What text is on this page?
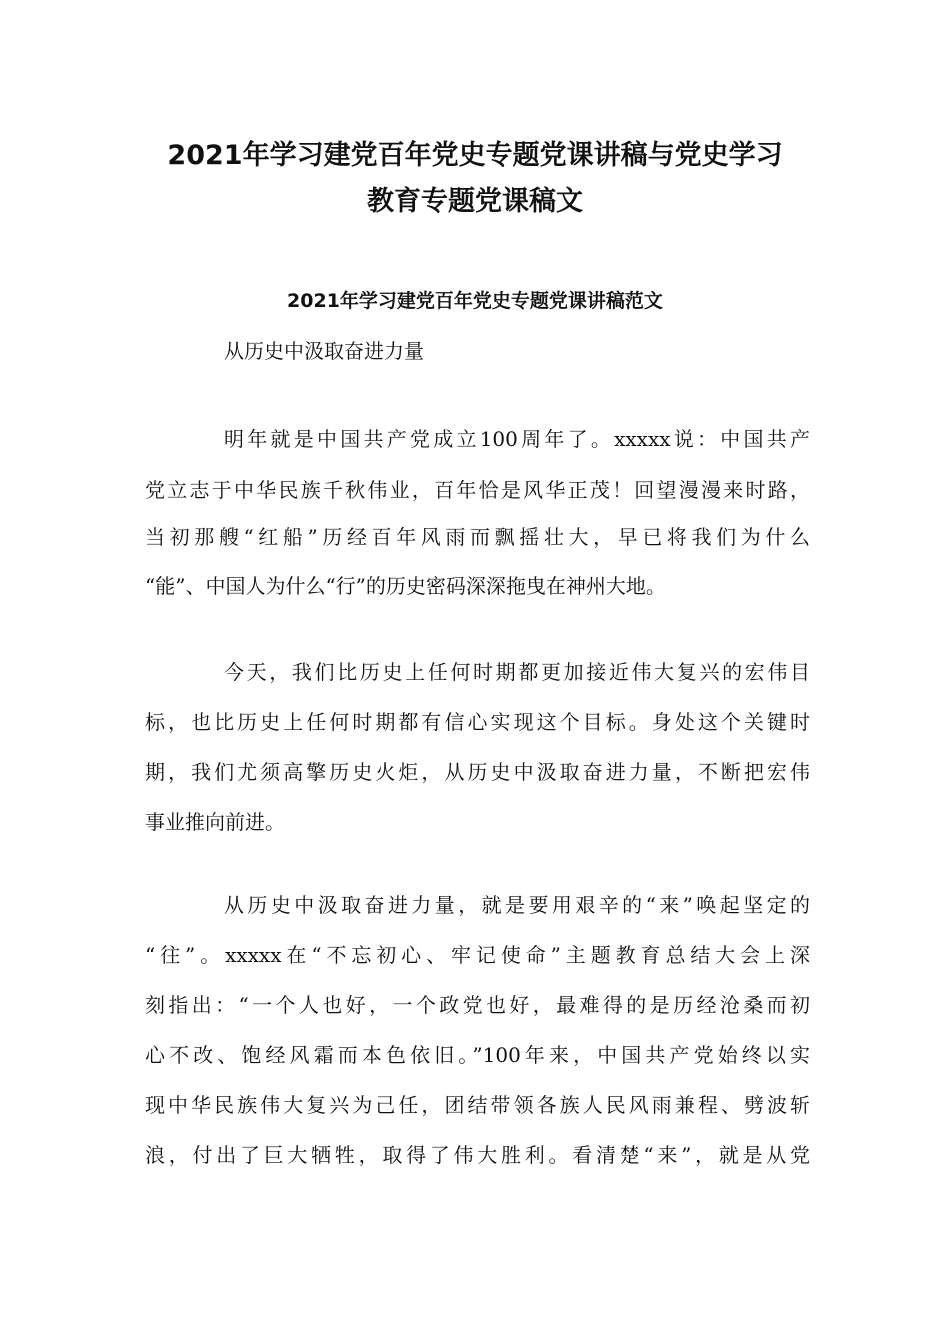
2021年学习建党百年党史专题党课讲稿与党史学习
教育专题党课稿文
2021年学习建党百年党史专题党课讲稿范文

从历史中汲取奋进力量

明年就是中国共产党成立100周年了。xxxxx说：中国共产

党立志于中华民族千秋伟业，百年恰是风华正茂！回望漫漫来时路，

当初那艘“红船”历经百年风雨而飘摇壮大，早已将我们为什么

“能”、中国人为什么“行”的历史密码深深拖曳在神州大地。

今天，我们比历史上任何时期都更加接近伟大复兴的宏伟目

标，也比历史上任何时期都有信心实现这个目标。身处这个关键时

期，我们尤须高擎历史火炬，从历史中汲取奋进力量，不断把宏伟

事业推向前进。

从历史中汲取奋进力量，就是要用艰辛的“来”唤起坚定的

“往”。xxxxx在“不忘初心、牢记使命”主题教育总结大会上深

刻指出：“一个人也好，一个政党也好，最难得的是历经沧桑而初

心不改、饱经风霜而本色依旧。”100年来，中国共产党始终以实

现中华民族伟大复兴为己任，团结带领各族人民风雨兼程、劈波斩

浪，付出了巨大牺牲，取得了伟大胜利。看清楚“来”，就是从党
